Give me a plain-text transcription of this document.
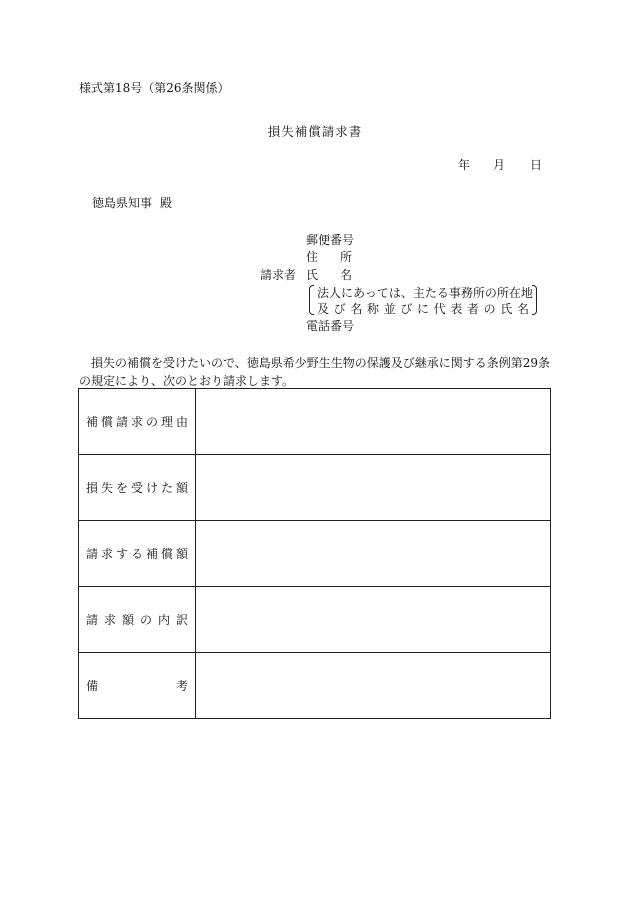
様式第18号（第26条関係）
損失補償請求書
年 月 日
徳島県知事 殿
請求者
郵便番号
住 所
氏 名
法人にあっては、主たる事務所の所在地
及び名称並びに代表者の氏名
電話番号
損失の補償を受けたいので、徳島県希少野生生物の保護及び継承に関する条例第29条の規定により、次のとおり請求します。
補償請求の理由	

損失を受けた額	

請求する補償額	

請求額の内訳	

備考	
